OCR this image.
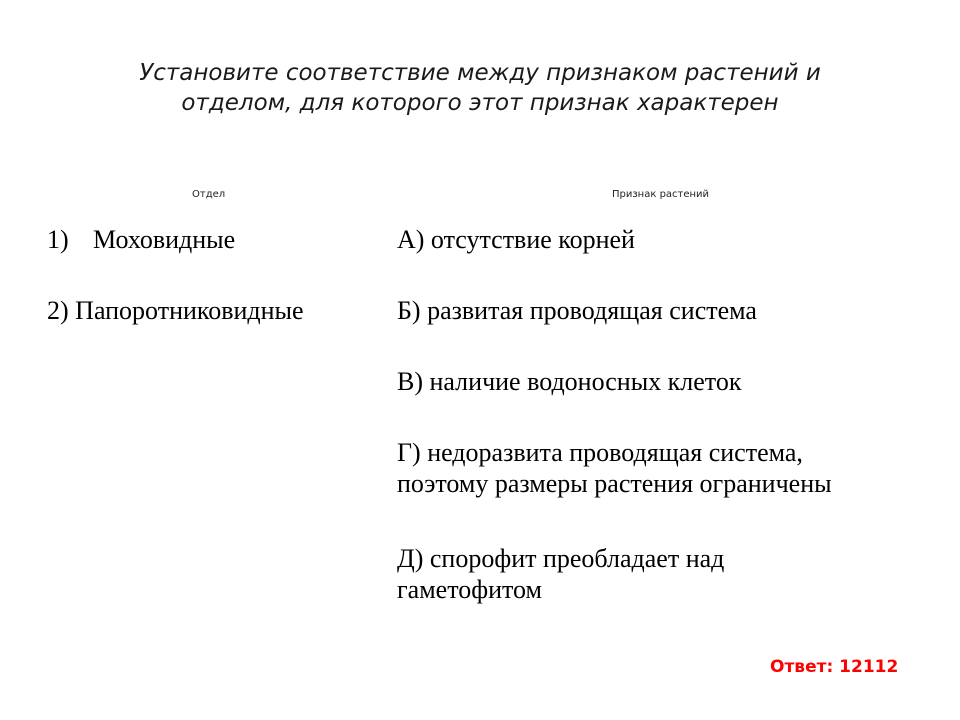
Установите соответствие между признаком растений и
отделом, для которого этот признак характерен
Отдел	Признак растений
1) Моховидные
2) Папоротниковидные
А) отсутствие корней
Б) развитая проводящая система
В) наличие водоносных клеток
Г) недоразвита проводящая система,
поэтому размеры растения ограничены
Д) спорофит преобладает над
гаметофитом
Ответ: 12112
